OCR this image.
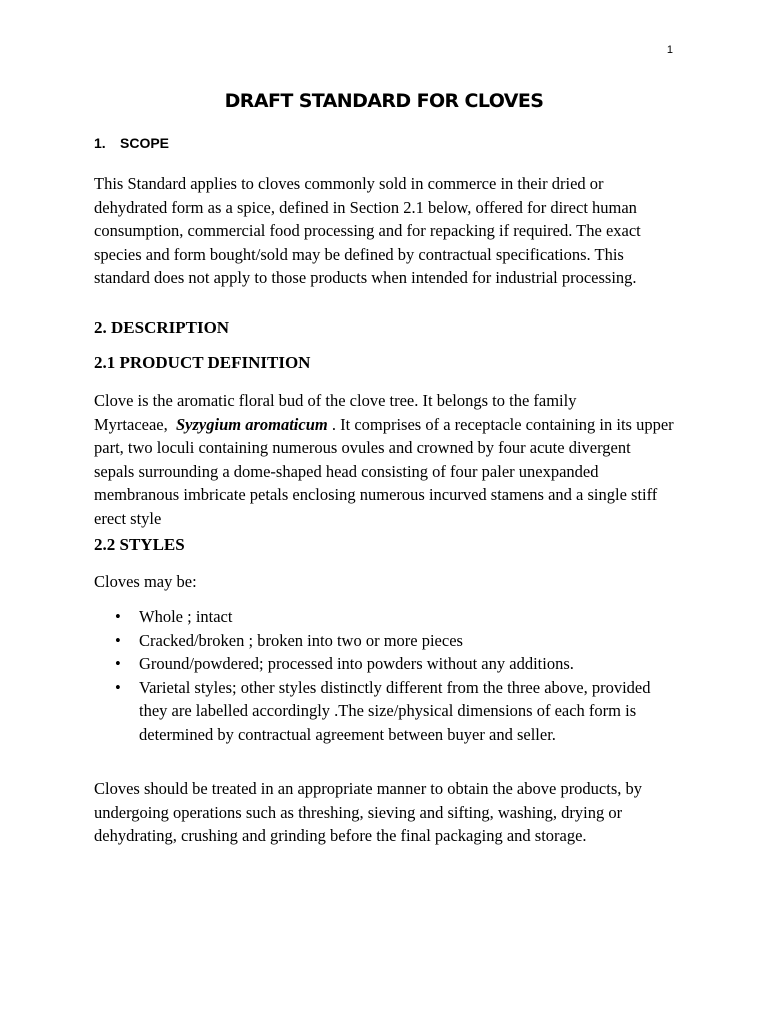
1
DRAFT STANDARD FOR CLOVES
1. SCOPE

This Standard applies to cloves commonly sold in commerce in their dried or dehydrated form as a spice, defined in Section 2.1 below, offered for direct human consumption, commercial food processing and for repacking if required. The exact species and form bought/sold may be defined by contractual specifications. This standard does not apply to those products when intended for industrial processing.

2. DESCRIPTION
2.1 PRODUCT DEFINITION

Clove is the aromatic floral bud of the clove tree. It belongs to the family Myrtaceae, Syzygium aromaticum . It comprises of a receptacle containing in its upper part, two loculi containing numerous ovules and crowned by four acute divergent sepals surrounding a dome-shaped head consisting of four paler unexpanded membranous imbricate petals enclosing numerous incurved stamens and a single stiff erect style

2.2 STYLES

Cloves may be:

• Whole ; intact
• Cracked/broken ; broken into two or more pieces
• Ground/powdered; processed into powders without any additions.
• Varietal styles; other styles distinctly different from the three above, provided they are labelled accordingly .The size/physical dimensions of each form is determined by contractual agreement between buyer and seller.

Cloves should be treated in an appropriate manner to obtain the above products, by undergoing operations such as threshing, sieving and sifting, washing, drying or dehydrating, crushing and grinding before the final packaging and storage.
